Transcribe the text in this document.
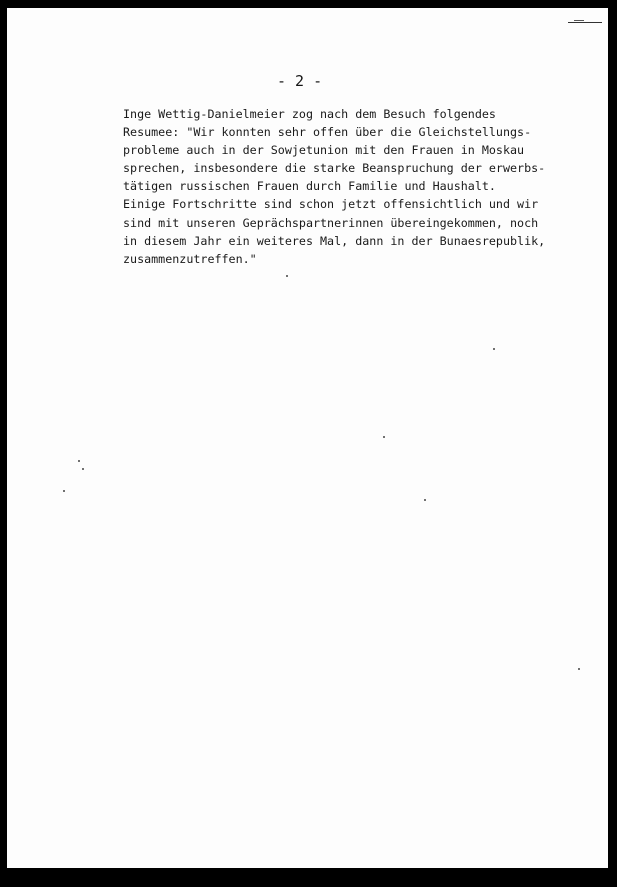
- 2 -
Inge Wettig-Danielmeier zog nach dem Besuch folgendes
Resumee: "Wir konnten sehr offen über die Gleichstellungs-
probleme auch in der Sowjetunion mit den Frauen in Moskau
sprechen, insbesondere die starke Beanspruchung der erwerbs-
tätigen russischen Frauen durch Familie und Haushalt.
Einige Fortschritte sind schon jetzt offensichtlich und wir
sind mit unseren Geprächspartnerinnen übereingekommen, noch
in diesem Jahr ein weiteres Mal, dann in der Bunaesrepublik,
zusammenzutreffen."
